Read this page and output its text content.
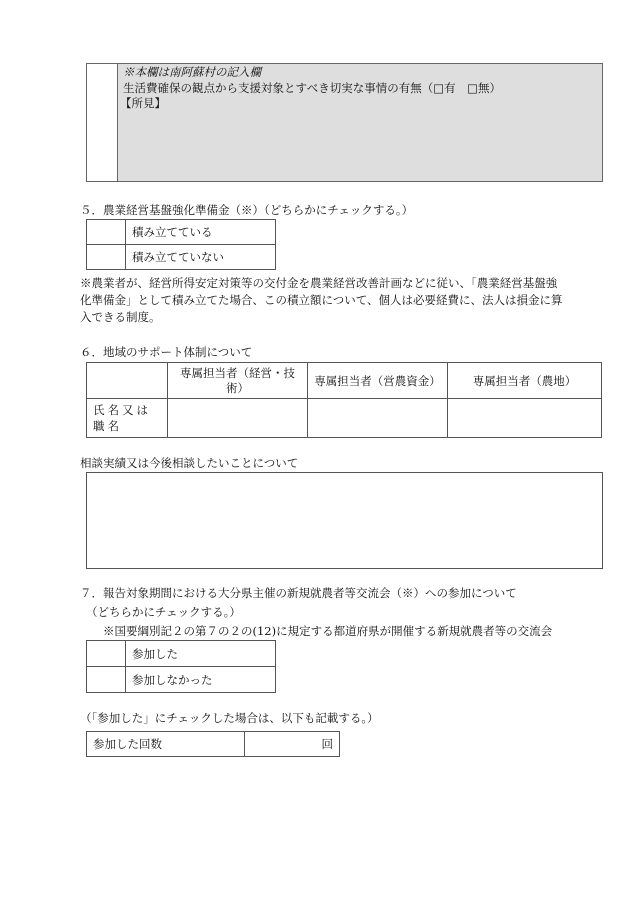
※本欄は南阿蘇村の記入欄
生活費確保の観点から支援対象とすべき切実な事情の有無（□有　□無）
【所見】
５．農業経営基盤強化準備金（※）（どちらかにチェックする。）
	積み立てている
	積み立てていない
※農業者が、経営所得安定対策等の交付金を農業経営改善計画などに従い、「農業経営基盤強
化準備金」として積み立てた場合、この積立額について、個人は必要経費に、法人は損金に算
入できる制度。
６．地域のサポート体制について
	専属担当者（経営・技術）	専属担当者（営農資金）	専属担当者（農地）
氏名又は職名			
相談実績又は今後相談したいことについて
７．報告対象期間における大分県主催の新規就農者等交流会（※）への参加について
（どちらかにチェックする。）
※国要綱別記２の第７の２の(12)に規定する都道府県が開催する新規就農者等の交流会
	参加した
	参加しなかった
（「参加した」にチェックした場合は、以下も記載する。）
参加した回数	回
